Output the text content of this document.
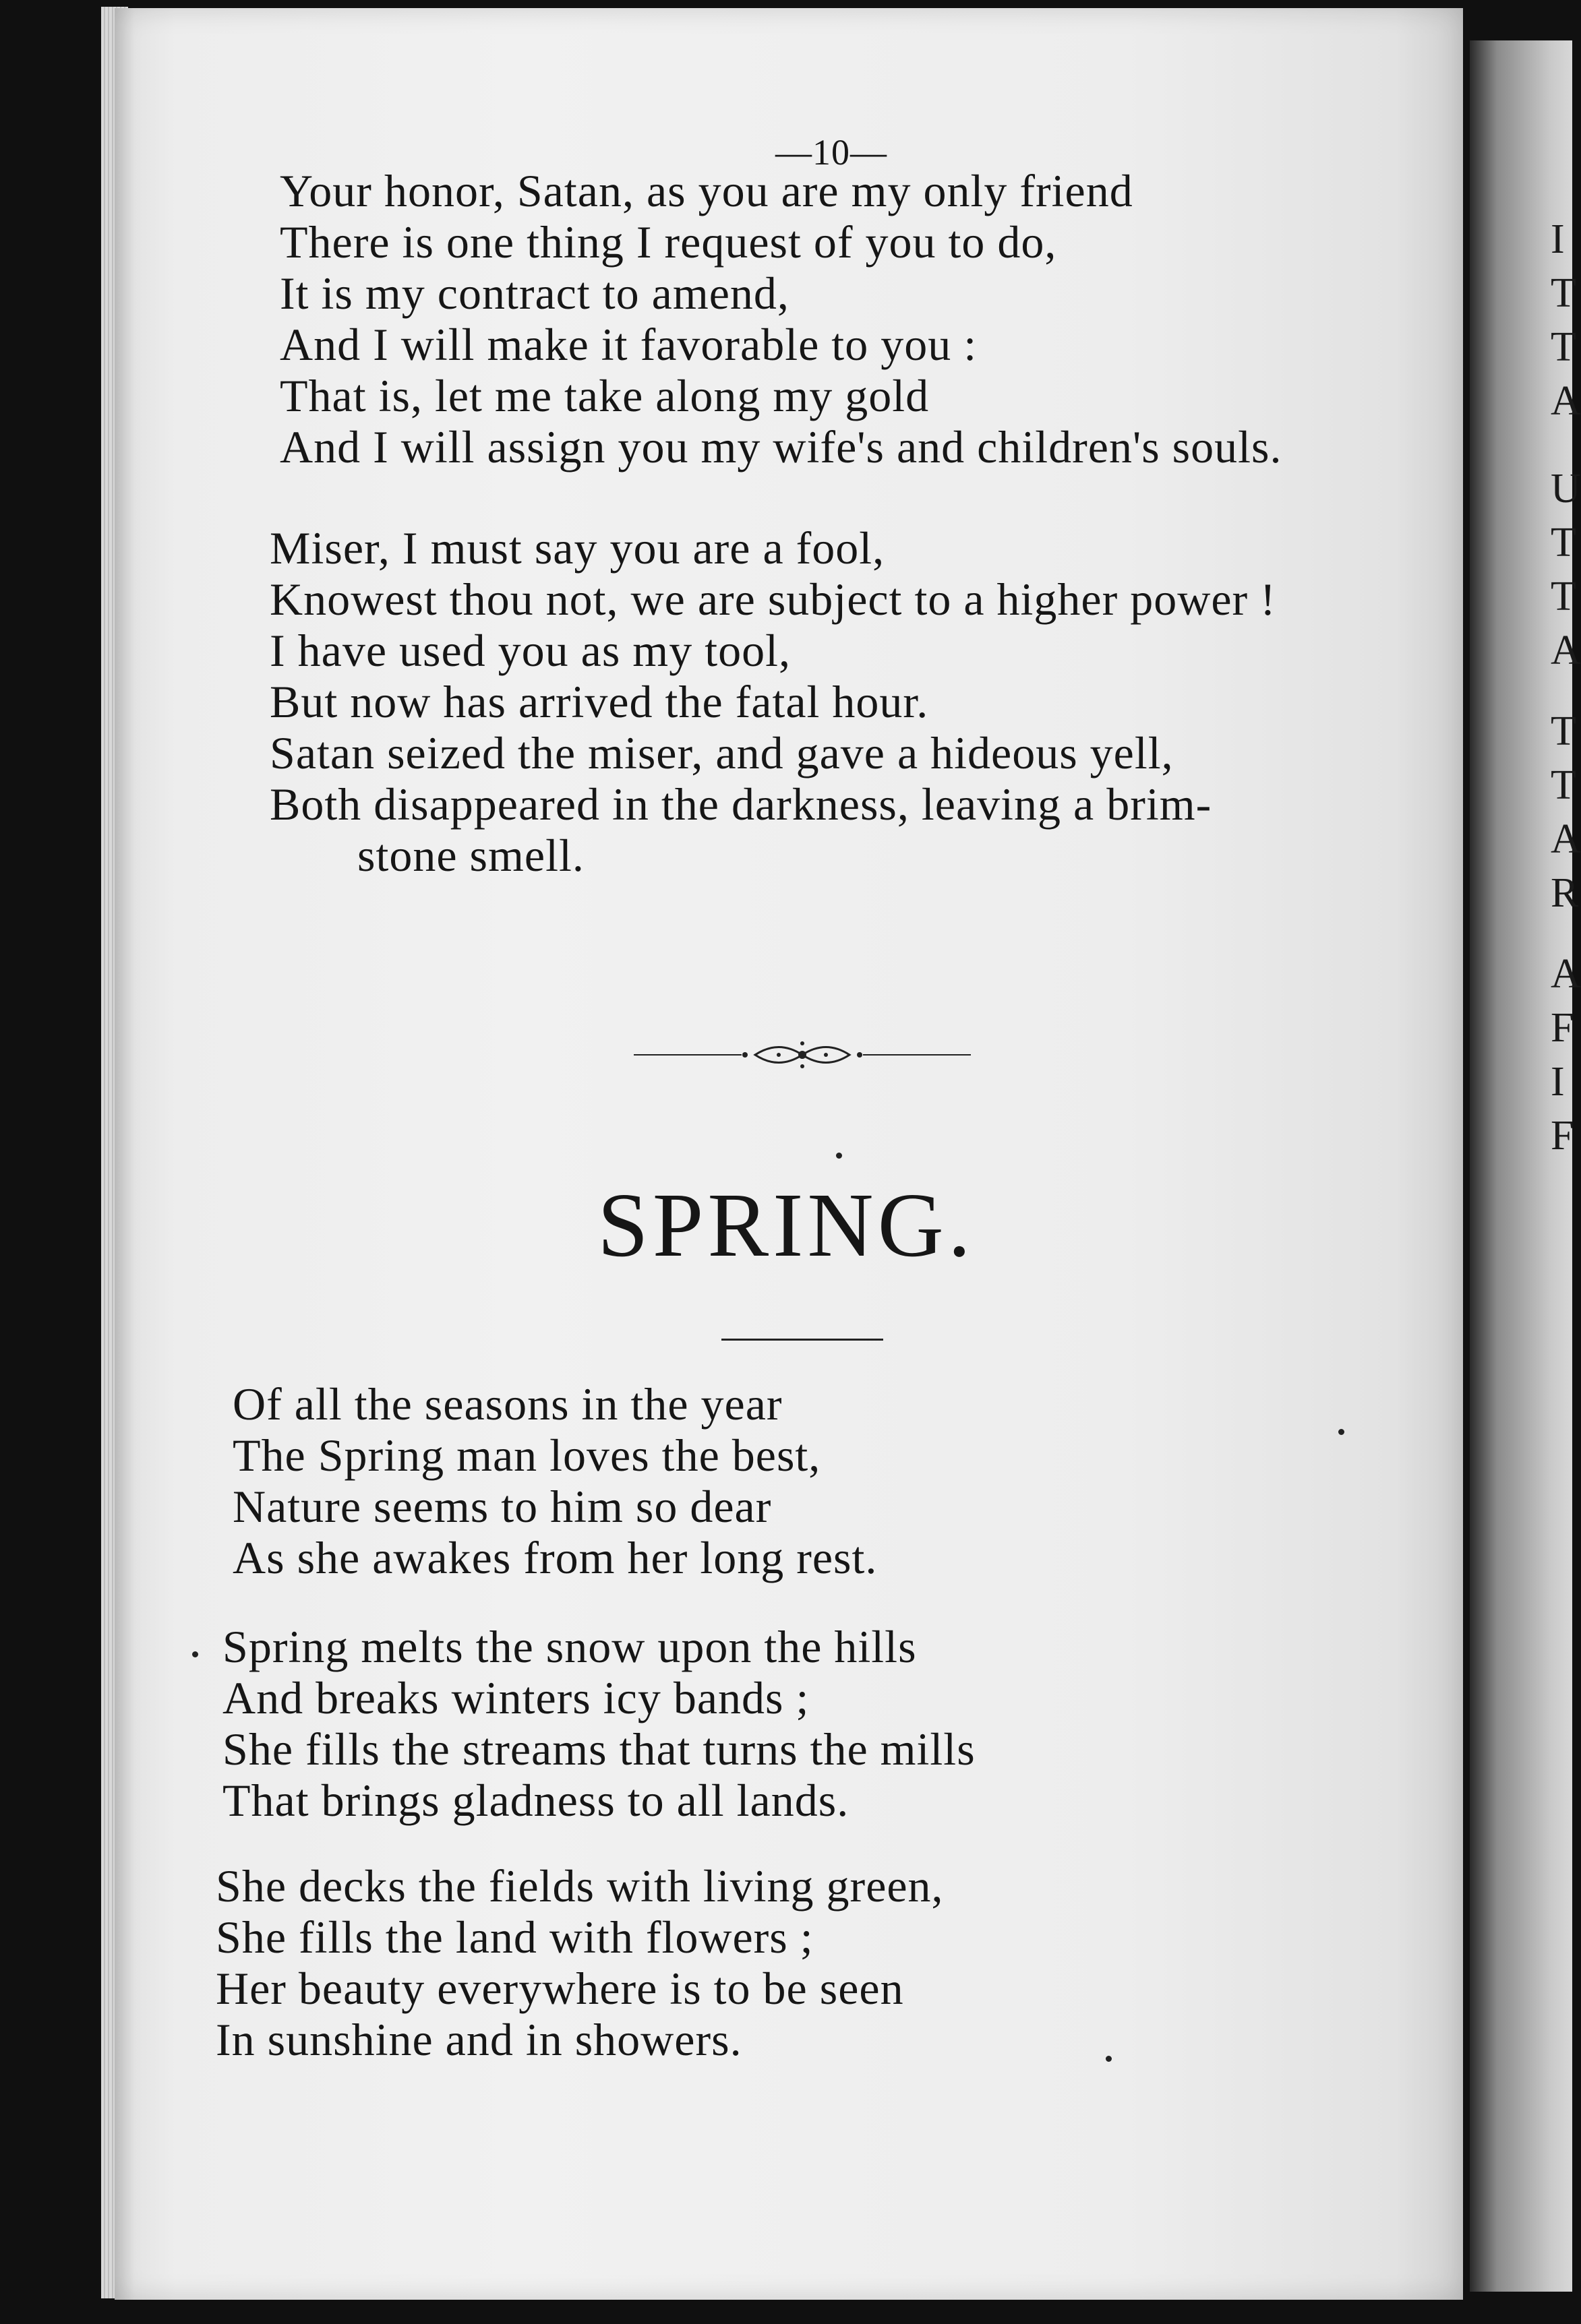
I
T
T
A
U
T
T
A
T
T
A
R
A
F
I
F
—10—
Your honor, Satan, as you are my only friend
There is one thing I request of you to do,
It is my contract to amend,
And I will make it favorable to you :
That is, let me take along my gold
And I will assign you my wife's and children's souls.
Miser, I must say you are a fool,
Knowest thou not, we are subject to a higher power !
I have used you as my tool,
But now has arrived the fatal hour.
Satan seized the miser, and gave a hideous yell,
Both disappeared in the darkness, leaving a brim-
stone smell.
SPRING.
Of all the seasons in the year
The Spring man loves the best,
Nature seems to him so dear
As she awakes from her long rest.
Spring melts the snow upon the hills
And breaks winters icy bands ;
She fills the streams that turns the mills
That brings gladness to all lands.
She decks the fields with living green,
She fills the land with flowers ;
Her beauty everywhere is to be seen
In sunshine and in showers.
